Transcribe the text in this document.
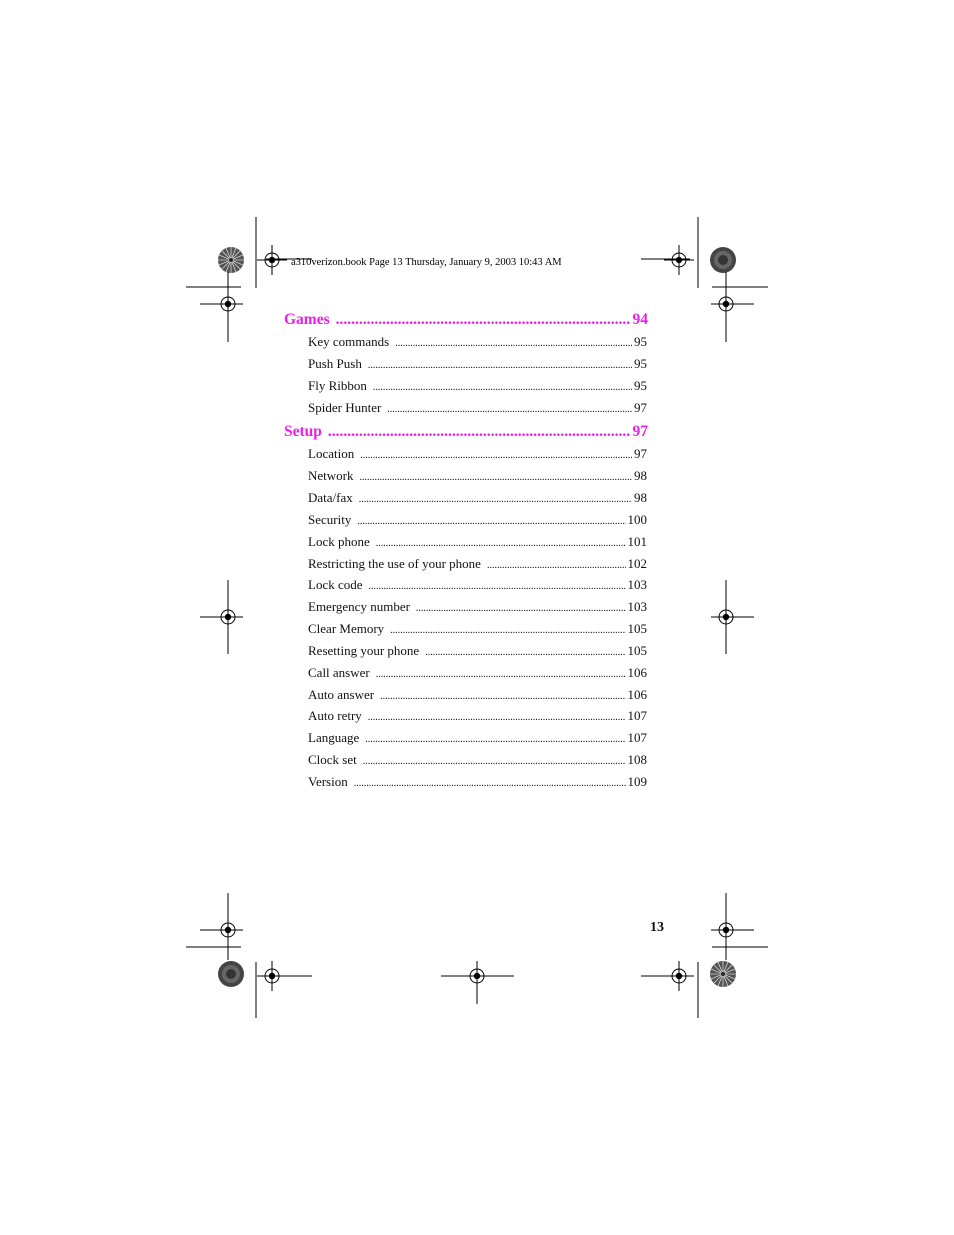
a310verizon.book Page 13 Thursday, January 9, 2003 10:43 AM
Games .....	94
Key commands .....	95
Push Push .....	95
Fly Ribbon .....	95
Spider Hunter .....	97
Setup .....	97
Location .....	97
Network .....	98
Data/fax .....	98
Security .....	100
Lock phone .....	101
Restricting the use of your phone .....	102
Lock code .....	103
Emergency number .....	103
Clear Memory .....	105
Resetting your phone .....	105
Call answer .....	106
Auto answer .....	106
Auto retry .....	107
Language .....	107
Clock set .....	108
Version .....	109
13
